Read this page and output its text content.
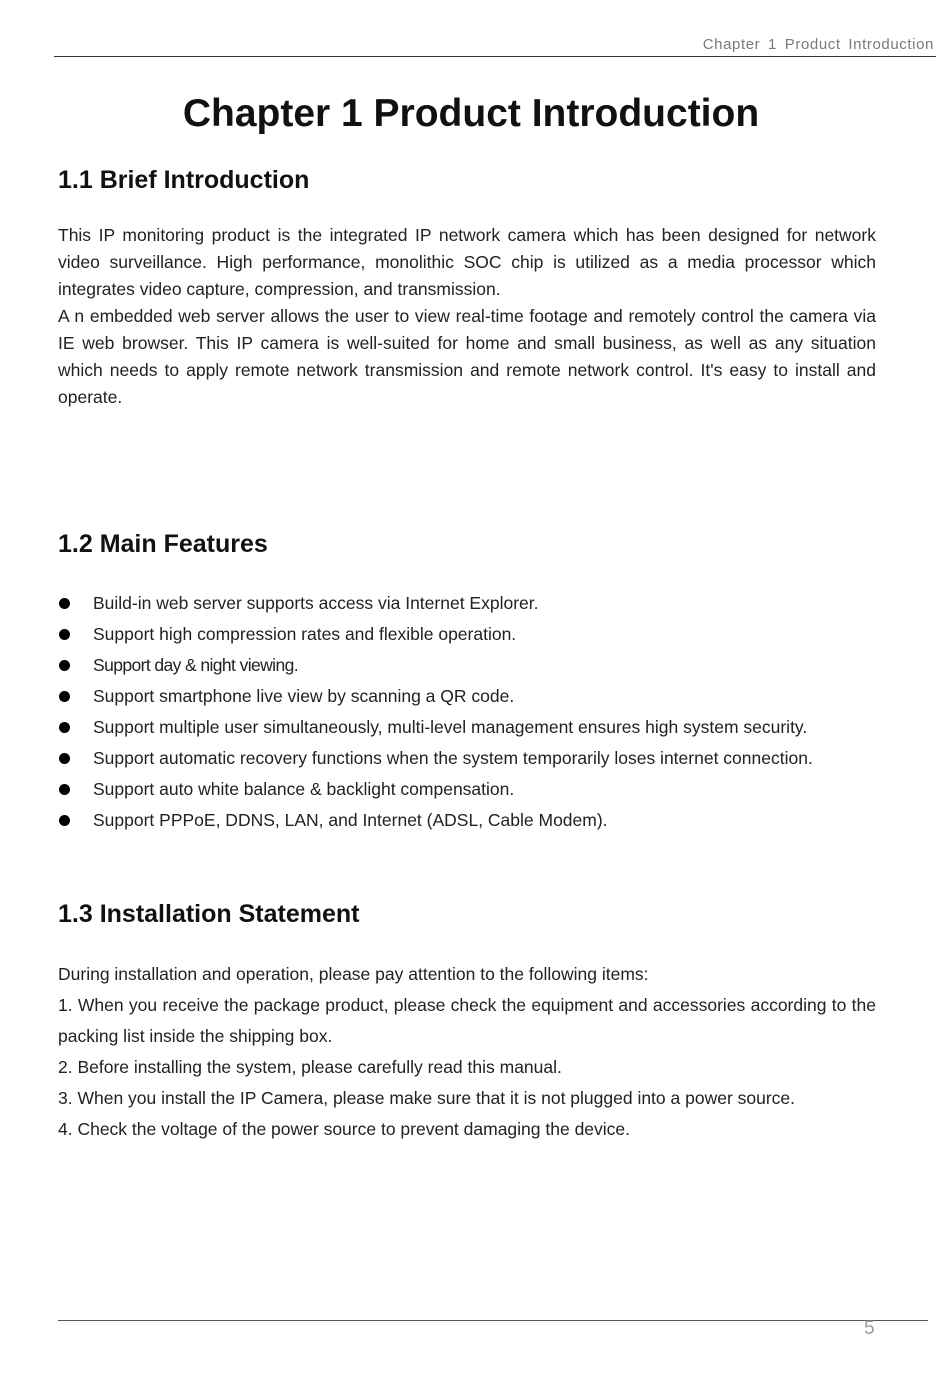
Chapter 1 Product Introduction
Chapter 1 Product Introduction
1.1 Brief Introduction

This IP monitoring product is the integrated IP network camera which has been designed for network video surveillance. High performance, monolithic SOC chip is utilized as a media processor which integrates video capture, compression, and transmission.

A n embedded web server allows the user to view real-time footage and remotely control the camera via IE web browser. This IP camera is well-suited for home and small business, as well as any situation which needs to apply remote network transmission and remote network control. It's easy to install and operate.

1.2 Main Features
Build-in web server supports access via Internet Explorer.
Support high compression rates and flexible operation.
Support day & night viewing.
Support smartphone live view by scanning a QR code.
Support multiple user simultaneously, multi-level management ensures high system security.
Support automatic recovery functions when the system temporarily loses internet connection.
Support auto white balance & backlight compensation.
Support PPPoE, DDNS, LAN, and Internet (ADSL, Cable Modem).
1.3 Installation Statement
During installation and operation, please pay attention to the following items:
1. When you receive the package product, please check the equipment and accessories according to the packing list inside the shipping box.
2. Before installing the system, please carefully read this manual.
3. When you install the IP Camera, please make sure that it is not plugged into a power source.
4. Check the voltage of the power source to prevent damaging the device.
5
